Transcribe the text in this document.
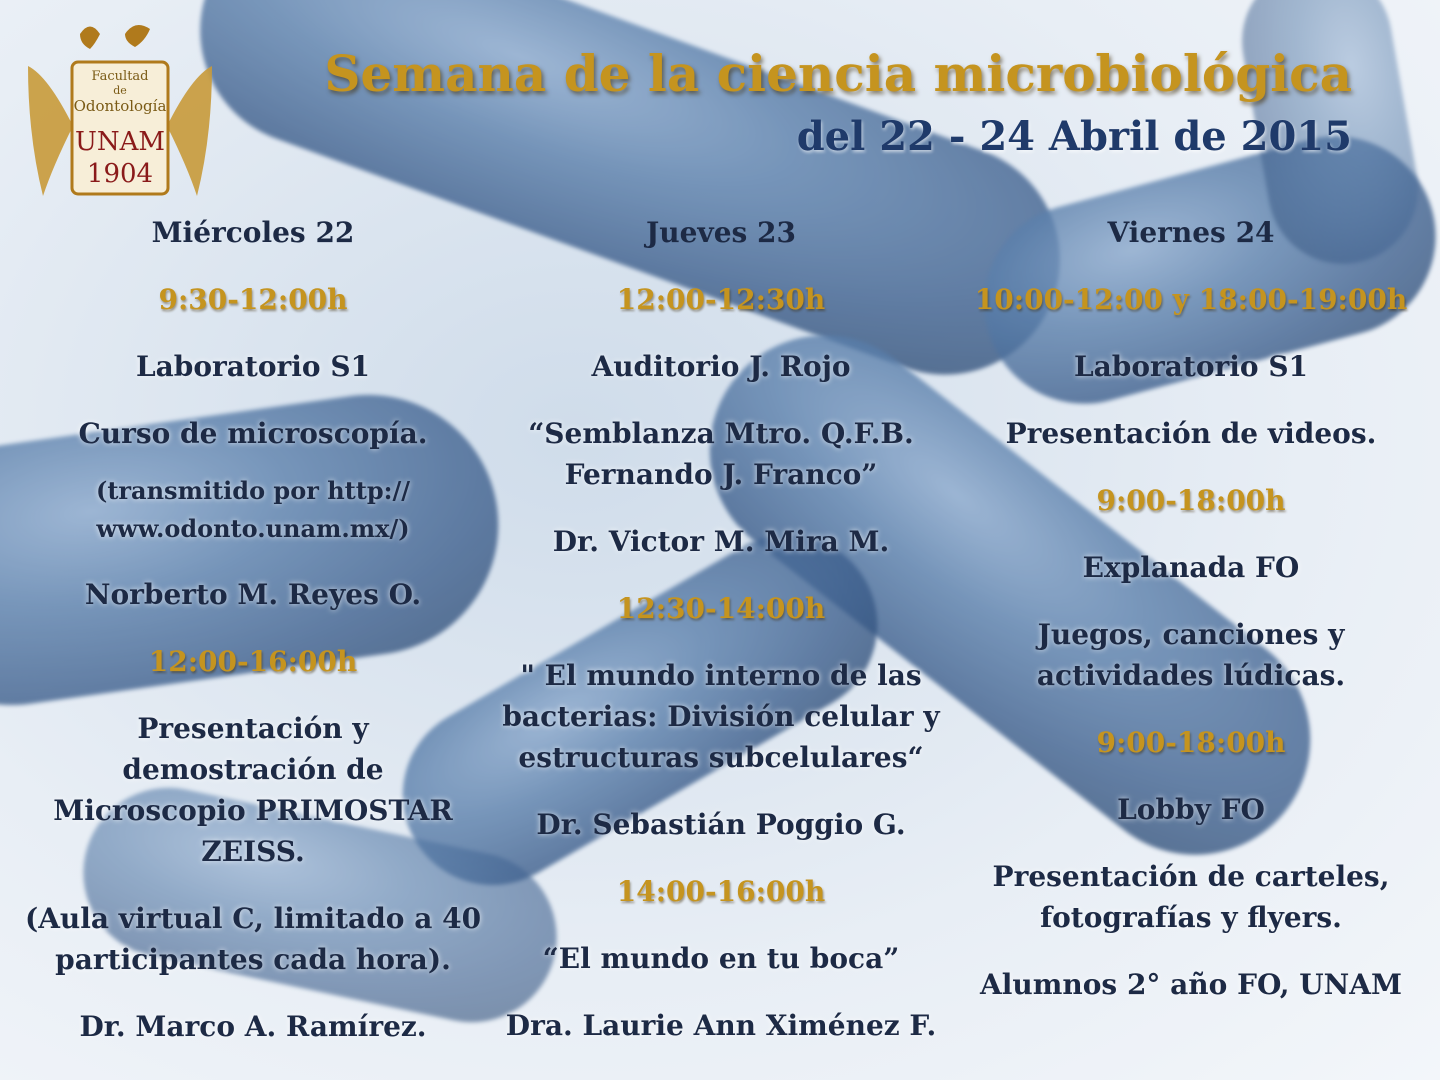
Facultad
de
Odontología
UNAM
1904
Semana de la ciencia microbiológica
del 22 - 24 Abril de 2015
Miércoles 22
9:30-12:00h
Laboratorio S1
Curso de microscopía.
(transmitido por http:// www.odonto.unam.mx/)
Norberto M. Reyes O.
12:00-16:00h
Presentación y demostración de Microscopio PRIMOSTAR ZEISS.
(Aula virtual C, limitado a 40 participantes cada hora).
Dr. Marco A. Ramírez.
Jueves 23
12:00-12:30h
Auditorio J. Rojo
“Semblanza Mtro. Q.F.B. Fernando J. Franco”
Dr. Victor M. Mira M.
12:30-14:00h
" El mundo interno de las bacterias: División celular y estructuras subcelulares“
Dr. Sebastián Poggio G.
14:00-16:00h
“El mundo en tu boca”
Dra. Laurie Ann Ximénez F.
Viernes 24
10:00-12:00 y 18:00-19:00h
Laboratorio S1
Presentación de videos.
9:00-18:00h
Explanada FO
Juegos, canciones y actividades lúdicas.
9:00-18:00h
Lobby FO
Presentación de carteles, fotografías y flyers.
Alumnos 2° año FO, UNAM
